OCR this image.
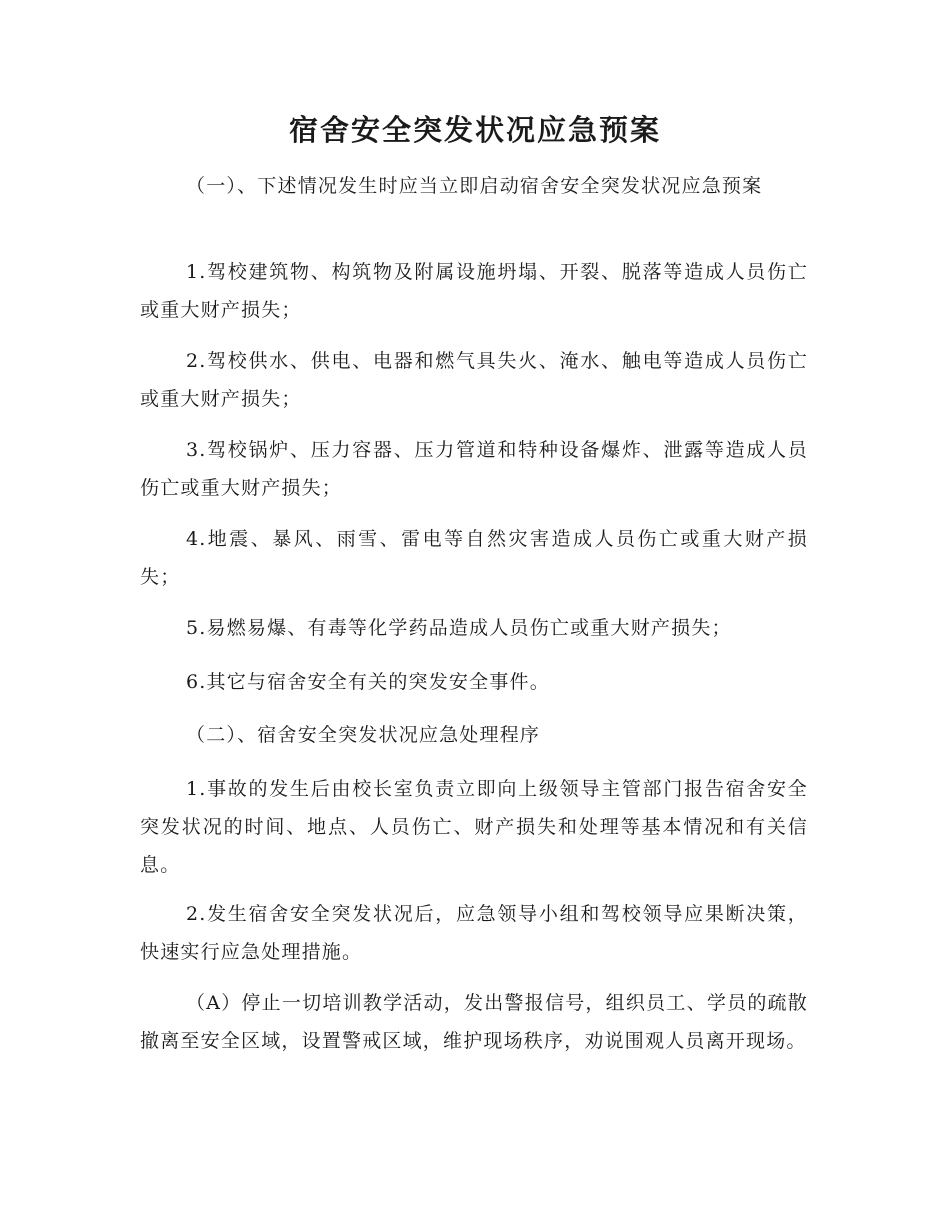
宿舍安全突发状况应急预案

（一）、下述情况发生时应当立即启动宿舍安全突发状况应急预案

1.驾校建筑物、构筑物及附属设施坍塌、开裂、脱落等造成人员伤亡或重大财产损失；

2.驾校供水、供电、电器和燃气具失火、淹水、触电等造成人员伤亡或重大财产损失；

3.驾校锅炉、压力容器、压力管道和特种设备爆炸、泄露等造成人员伤亡或重大财产损失；

4.地震、暴风、雨雪、雷电等自然灾害造成人员伤亡或重大财产损失；

5.易燃易爆、有毒等化学药品造成人员伤亡或重大财产损失；

6.其它与宿舍安全有关的突发安全事件。

（二）、宿舍安全突发状况应急处理程序

1.事故的发生后由校长室负责立即向上级领导主管部门报告宿舍安全突发状况的时间、地点、人员伤亡、财产损失和处理等基本情况和有关信息。

2.发生宿舍安全突发状况后，应急领导小组和驾校领导应果断决策，快速实行应急处理措施。

（A）停止一切培训教学活动，发出警报信号，组织员工、学员的疏散撤离至安全区域，设置警戒区域，维护现场秩序，劝说围观人员离开现场。
